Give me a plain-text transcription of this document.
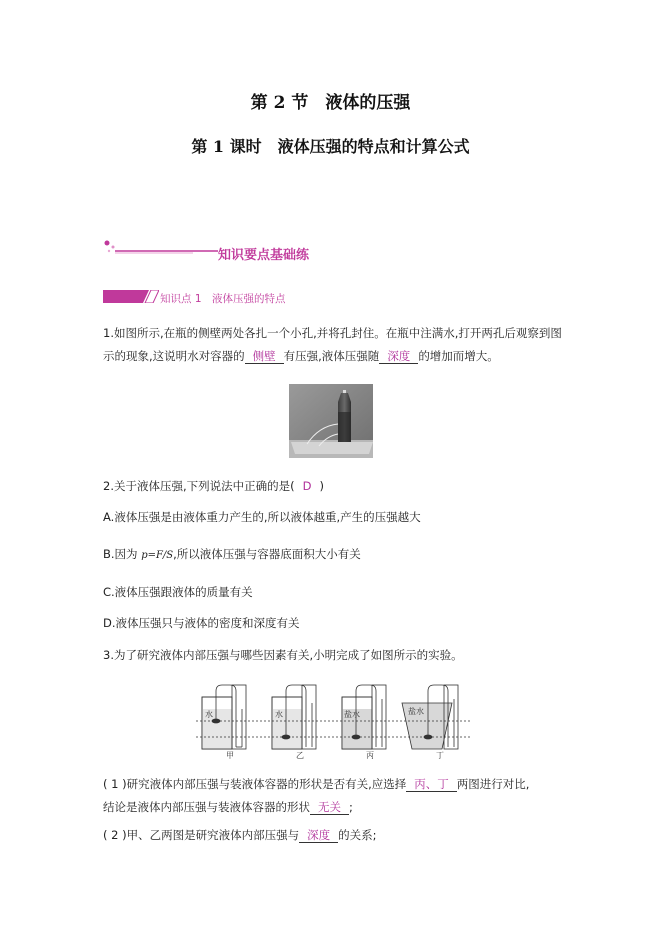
第 2 节　液体的压强
第 1 课时　液体压强的特点和计算公式
知识要点基础练
知识点 1　液体压强的特点
1.如图所示,在瓶的侧壁两处各扎一个小孔,并将孔封住。在瓶中注满水,打开两孔后观察到图
示的现象,这说明水对容器的 侧壁 有压强,液体压强随 深度 的增加而增大。
2.关于液体压强,下列说法中正确的是( D )
A.液体压强是由液体重力产生的,所以液体越重,产生的压强越大
B.因为 p=F/S,所以液体压强与容器底面积大小有关
C.液体压强跟液体的质量有关
D.液体压强只与液体的密度和深度有关
3.为了研究液体内部压强与哪些因素有关,小明完成了如图所示的实验。
水	水	盐水	盐水
甲	乙	丙	丁
( 1 )研究液体内部压强与装液体容器的形状是否有关,应选择 丙、丁 两图进行对比,
结论是液体内部压强与装液体容器的形状 无关 ;
( 2 )甲、乙两图是研究液体内部压强与 深度 的关系;
